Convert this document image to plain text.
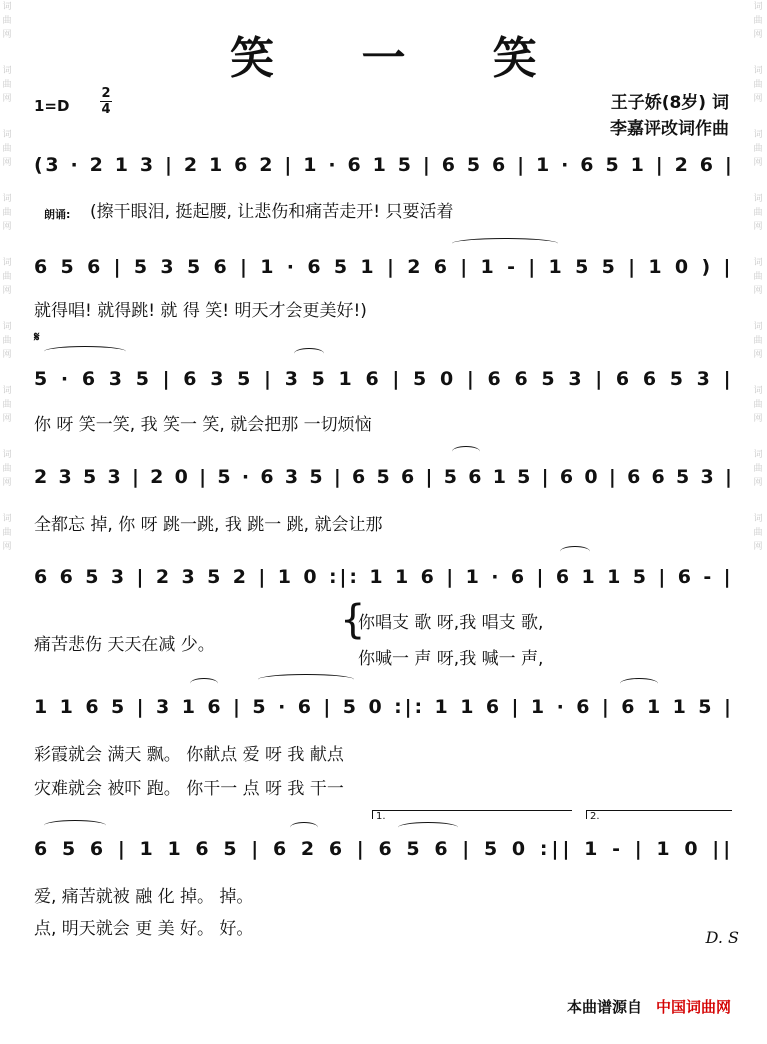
词
曲
网
词
曲
网
词
曲
网
词
曲
网
词
曲
网
词
曲
网
词
曲
网
词
曲
网
词
曲
网
词
曲
网
词
曲
网
词
曲
网
词
曲
网
词
曲
网
词
曲
网
词
曲
网
词
曲
网
词
曲
网
笑 一 笑
1=D
2
4	王子娇(8岁) 词
李嘉评改词作曲
朗诵:
𝄋
(3 · 2 1 3 | 2 1 6 2 | 1 · 6 1 5 | 6 5 6 | 1 · 6 5 1 | 2 6 |
(擦干眼泪, 挺起腰, 让悲伤和痛苦走开! 只要活着
6 5 6 | 5 3 5 6 | 1 · 6 5 1 | 2 6 | 1 - | 1 5 5 | 1 0 ) |
就得唱! 就得跳! 就 得 笑! 明天才会更美好!)
5 · 6 3 5 | 6 3 5 | 3 5 1 6 | 5 0 | 6 6 5 3 | 6 6 5 3 |
你 呀 笑一笑, 我 笑一 笑, 就会把那 一切烦恼
2 3 5 3 | 2 0 | 5 · 6 3 5 | 6 5 6 | 5 6 1 5 | 6 0 | 6 6 5 3 |
全都忘 掉, 你 呀 跳一跳, 我 跳一 跳, 就会让那
6 6 5 3 | 2 3 5 2 | 1 0 :|: 1 1 6 | 1 · 6 | 6 1 1 5 | 6 - |
痛苦悲伤 天天在减 少。
{
你唱支 歌 呀,我 唱支 歌,
你喊一 声 呀,我 喊一 声,
1 1 6 5 | 3 1 6 | 5 · 6 | 5 0 :|: 1 1 6 | 1 · 6 | 6 1 1 5 |
彩霞就会 满天 飘。 你献点 爱 呀 我 献点
灾难就会 被吓 跑。 你干一 点 呀 我 干一
1.	2.
6 5 6 | 1 1 6 5 | 6 2 6 | 6 5 6 | 5 0 :|| 1 - | 1 0 ||
爱, 痛苦就被 融 化 掉。 掉。
点, 明天就会 更 美 好。 好。	D. S
本曲谱源自 中国词曲网
